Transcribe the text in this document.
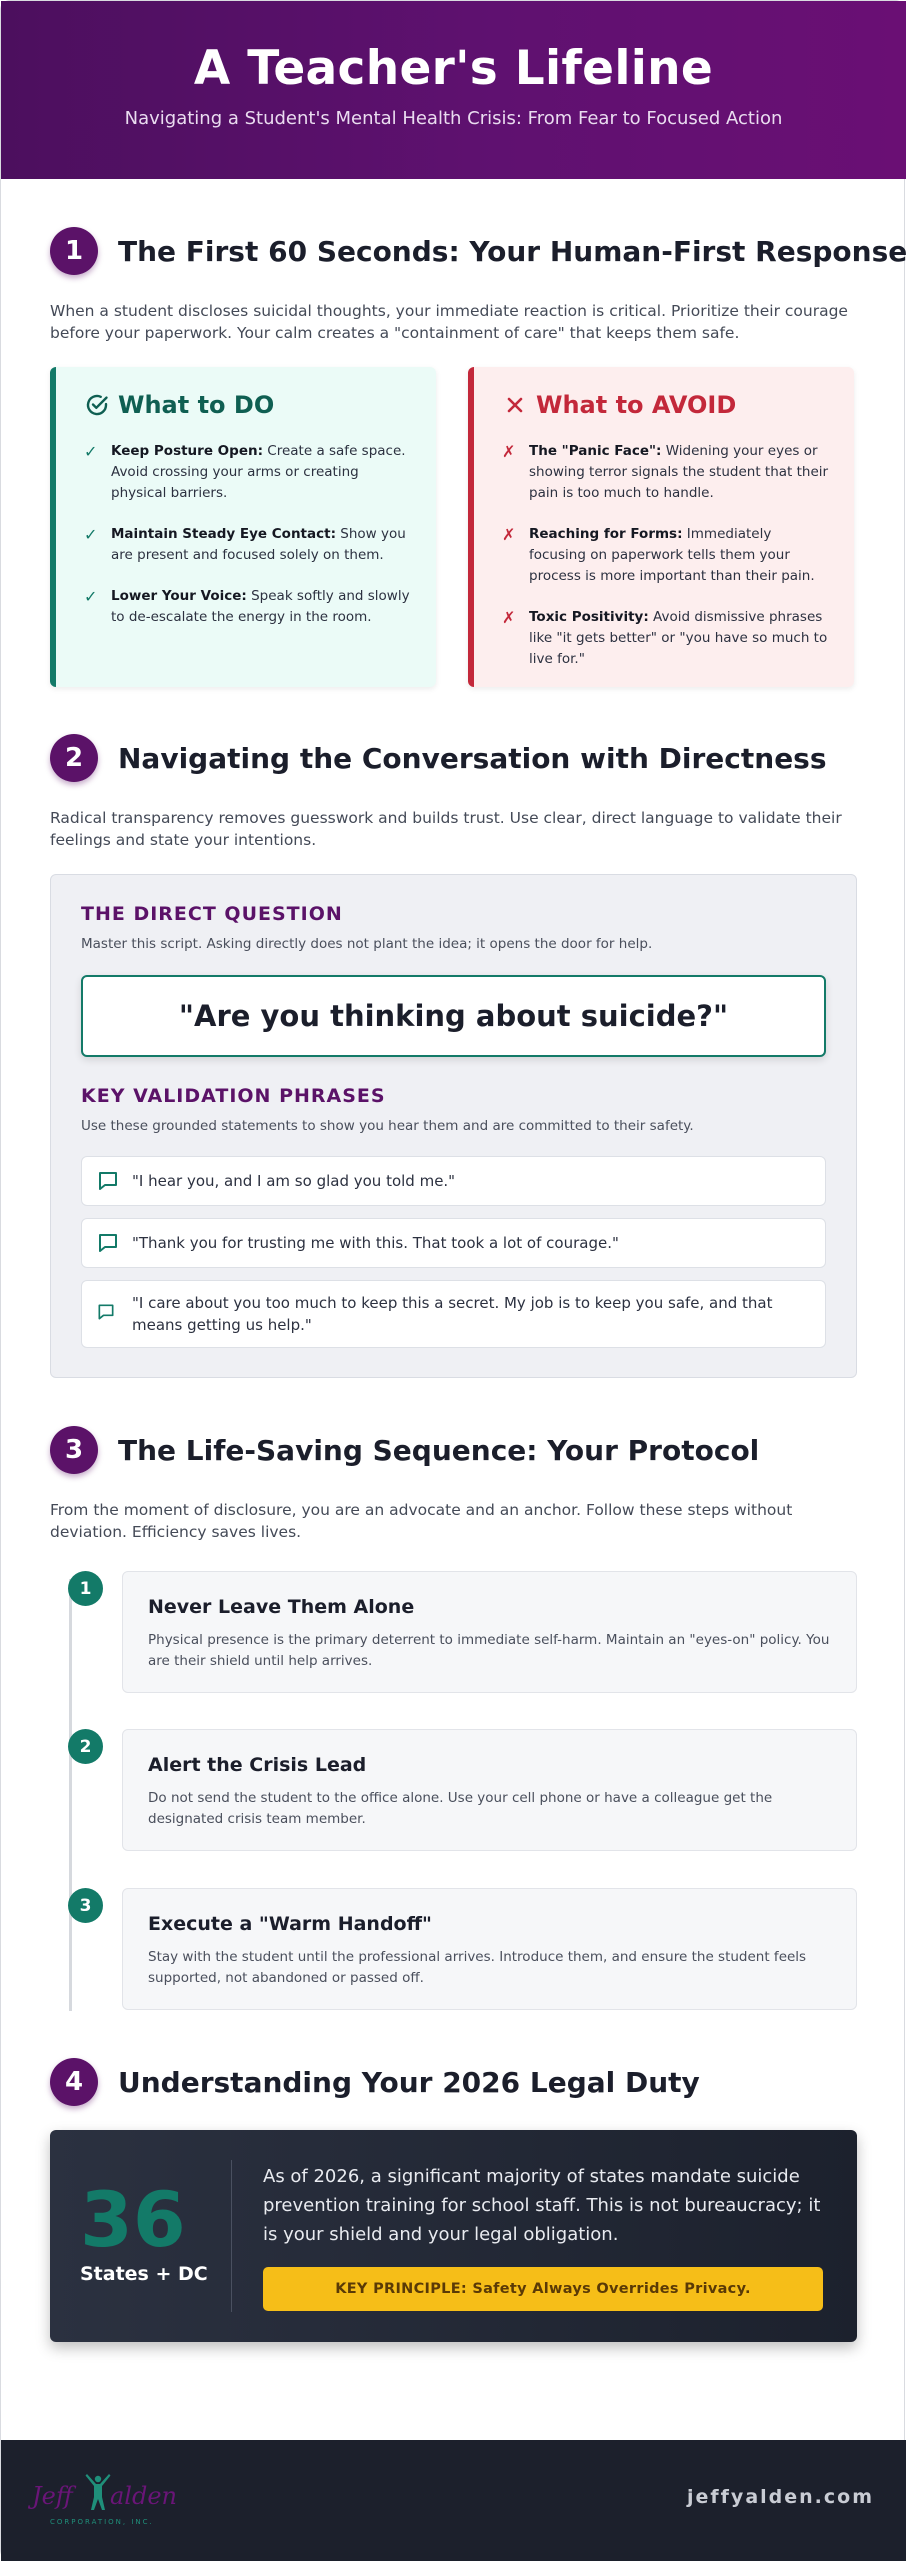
A Teacher's Lifeline
Navigating a Student's Mental Health Crisis: From Fear to Focused Action
1	The First 60 Seconds: Your Human-First Response
When a student discloses suicidal thoughts, your immediate reaction is critical. Prioritize their courage before your paperwork. Your calm creates a "containment of care" that keeps them safe.
What to DO
✓	Keep Posture Open: Create a safe space. Avoid crossing your arms or creating physical barriers.
✓	Maintain Steady Eye Contact: Show you are present and focused solely on them.
✓	Lower Your Voice: Speak softly and slowly to de-escalate the energy in the room.
What to AVOID
✗	The "Panic Face": Widening your eyes or showing terror signals the student that their pain is too much to handle.
✗	Reaching for Forms: Immediately focusing on paperwork tells them your process is more important than their pain.
✗	Toxic Positivity: Avoid dismissive phrases like "it gets better" or "you have so much to live for."
2	Navigating the Conversation with Directness
Radical transparency removes guesswork and builds trust. Use clear, direct language to validate their feelings and state your intentions.
THE DIRECT QUESTION
Master this script. Asking directly does not plant the idea; it opens the door for help.
"Are you thinking about suicide?"
KEY VALIDATION PHRASES
Use these grounded statements to show you hear them and are committed to their safety.
"I hear you, and I am so glad you told me."
"Thank you for trusting me with this. That took a lot of courage."
"I care about you too much to keep this a secret. My job is to keep you safe, and that means getting us help."
3	The Life-Saving Sequence: Your Protocol
From the moment of disclosure, you are an advocate and an anchor. Follow these steps without deviation. Efficiency saves lives.
1
Never Leave Them Alone
Physical presence is the primary deterrent to immediate self-harm. Maintain an "eyes-on" policy. You are their shield until help arrives.
2
Alert the Crisis Lead
Do not send the student to the office alone. Use your cell phone or have a colleague get the designated crisis team member.
3
Execute a "Warm Handoff"
Stay with the student until the professional arrives. Introduce them, and ensure the student feels supported, not abandoned or passed off.
4	Understanding Your 2026 Legal Duty
36
States + DC
As of 2026, a significant majority of states mandate suicide prevention training for school staff. This is not bureaucracy; it is your shield and your legal obligation.
KEY PRINCIPLE: Safety Always Overrides Privacy.
Jeff alden
CORPORATION, INC.
jeffyalden.com
